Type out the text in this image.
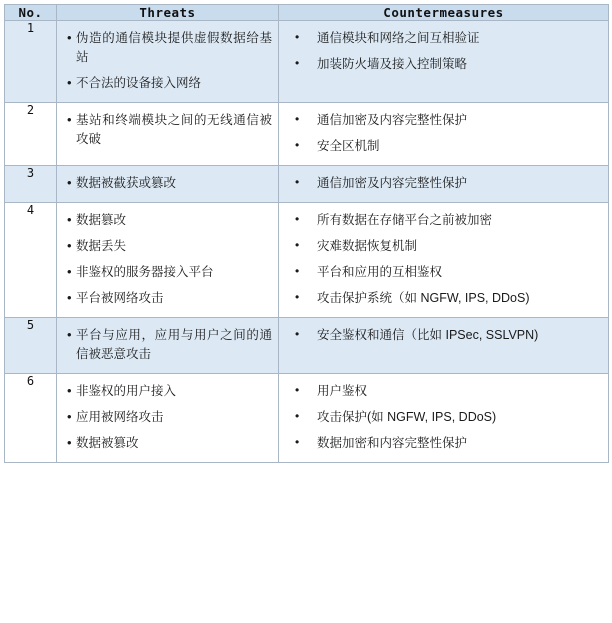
No.	Threats	Countermeasures
1	
• 伪造的通信模块提供虚假数据给基站
• 不合法的设备接入网络

• 通信模块和网络之间互相验证
• 加装防火墙及接入控制策略

2	
• 基站和终端模块之间的无线通信被攻破

• 通信加密及内容完整性保护
• 安全区机制

3	
• 数据被截获或篡改

•通信加密及内容完整性保护

4	
• 数据篡改
• 数据丢失
• 非鉴权的服务器接入平台
• 平台被网络攻击

• 所有数据在存储平台之前被加密
• 灾难数据恢复机制
• 平台和应用的互相鉴权
• 攻击保护系统（如 NGFW, IPS, DDoS)

5	
• 平台与应用，应用与用户之间的通信被恶意攻击

• 安全鉴权和通信（比如 IPSec, SSLVPN)

6	
• 非鉴权的用户接入
• 应用被网络攻击
• 数据被篡改

• 用户鉴权
• 攻击保护(如 NGFW, IPS, DDoS)
• 数据加密和内容完整性保护
